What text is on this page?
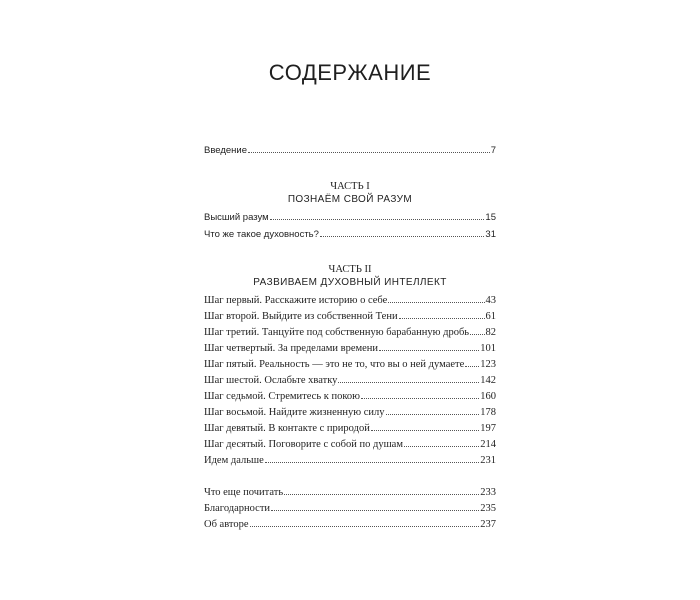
СОДЕРЖАНИЕ
Введение	7
ЧАСТЬ I
ПОЗНАЁМ СВОЙ РАЗУМ
Высший разум	15
Что же такое духовность?	31
ЧАСТЬ II
РАЗВИВАЕМ ДУХОВНЫЙ ИНТЕЛЛЕКТ
Шаг первый. Расскажите историю о себе	43
Шаг второй. Выйдите из собственной Тени	61
Шаг третий. Танцуйте под собственную барабанную дробь 82
Шаг четвертый. За пределами времени	101
Шаг пятый. Реальность — это не то, что вы о ней думаете 123
Шаг шестой. Ослабьте хватку	142
Шаг седьмой. Стремитесь к покою	160
Шаг восьмой. Найдите жизненную силу	178
Шаг девятый. В контакте с природой	197
Шаг десятый. Поговорите с собой по душам	214
Идем дальше	231
Что еще почитать	233
Благодарности	235
Об авторе	237
